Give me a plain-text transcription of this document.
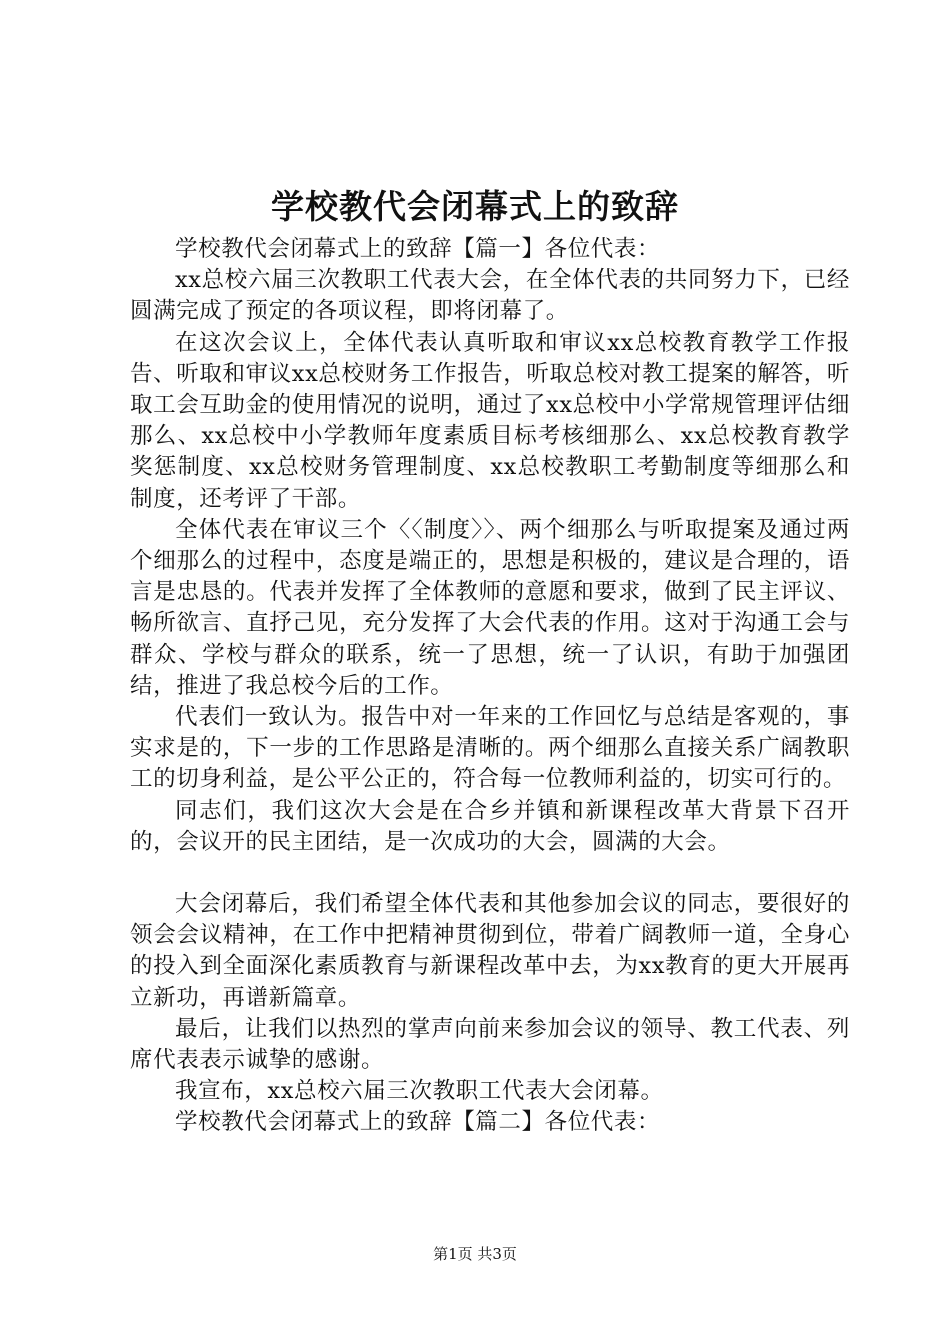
学校教代会闭幕式上的致辞

学校教代会闭幕式上的致辞【篇一】各位代表：

xx总校六届三次教职工代表大会，在全体代表的共同努力下，已经圆满完成了预定的各项议程，即将闭幕了。

在这次会议上，全体代表认真听取和审议xx总校教育教学工作报告、听取和审议xx总校财务工作报告，听取总校对教工提案的解答，听取工会互助金的使用情况的说明，通过了xx总校中小学常规管理评估细那么、xx总校中小学教师年度素质目标考核细那么、xx总校教育教学奖惩制度、xx总校财务管理制度、xx总校教职工考勤制度等细那么和制度，还考评了干部。

全体代表在审议三个〈〈制度〉〉、两个细那么与听取提案及通过两个细那么的过程中，态度是端正的，思想是积极的，建议是合理的，语言是忠恳的。代表并发挥了全体教师的意愿和要求，做到了民主评议、畅所欲言、直抒己见，充分发挥了大会代表的作用。这对于沟通工会与群众、学校与群众的联系，统一了思想，统一了认识，有助于加强团结，推进了我总校今后的工作。

代表们一致认为。报告中对一年来的工作回忆与总结是客观的，事实求是的，下一步的工作思路是清晰的。两个细那么直接关系广阔教职工的切身利益，是公平公正的，符合每一位教师利益的，切实可行的。

同志们，我们这次大会是在合乡并镇和新课程改革大背景下召开的，会议开的民主团结，是一次成功的大会，圆满的大会。

大会闭幕后，我们希望全体代表和其他参加会议的同志，要很好的领会会议精神，在工作中把精神贯彻到位，带着广阔教师一道，全身心的投入到全面深化素质教育与新课程改革中去，为xx教育的更大开展再立新功，再谱新篇章。

最后，让我们以热烈的掌声向前来参加会议的领导、教工代表、列席代表表示诚挚的感谢。

我宣布，xx总校六届三次教职工代表大会闭幕。

学校教代会闭幕式上的致辞【篇二】各位代表：

第1页 共3页
